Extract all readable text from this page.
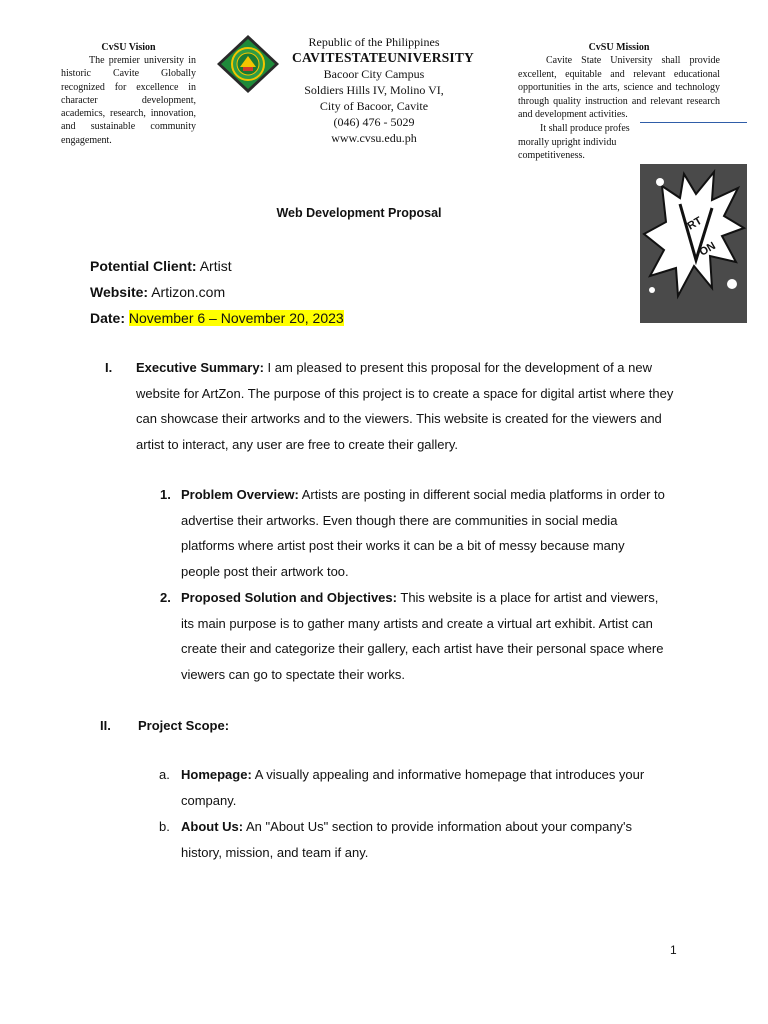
CvSU Vision

The premier university in historic Cavite Globally recognized for excellence in character development, academics, research, innovation, and sustainable community engagement.

Republic of the Philippines
CAVITESTATEUNIVERSITY
Bacoor City Campus
Soldiers Hills IV, Molino VI,
City of Bacoor, Cavite
(046) 476 - 5029
www.cvsu.edu.ph
CvSU Mission

Cavite State University shall provide excellent, equitable and relevant educational opportunities in the arts, science and technology through quality instruction and relevant research and development activities.

It shall produce profes

morally upright individu

competitiveness.

RT
ON
Web Development Proposal
Potential Client: Artist
Website: Artizon.com
Date: November 6 – November 20, 2023
I. Executive Summary: I am pleased to present this proposal for the development of a new website for ArtZon. The purpose of this project is to create a space for digital artist where they can showcase their artworks and to the viewers. This website is created for the viewers and artist to interact, any user are free to create their gallery.
1. Problem Overview: Artists are posting in different social media platforms in order to advertise their artworks. Even though there are communities in social media platforms where artist post their works it can be a bit of messy because many people post their artwork too.
2. Proposed Solution and Objectives: This website is a place for artist and viewers, its main purpose is to gather many artists and create a virtual art exhibit. Artist can create their and categorize their gallery, each artist have their personal space where viewers can go to spectate their works.
II. Project Scope:
a. Homepage: A visually appealing and informative homepage that introduces your company.
b. About Us: An "About Us" section to provide information about your company's history, mission, and team if any.
1
